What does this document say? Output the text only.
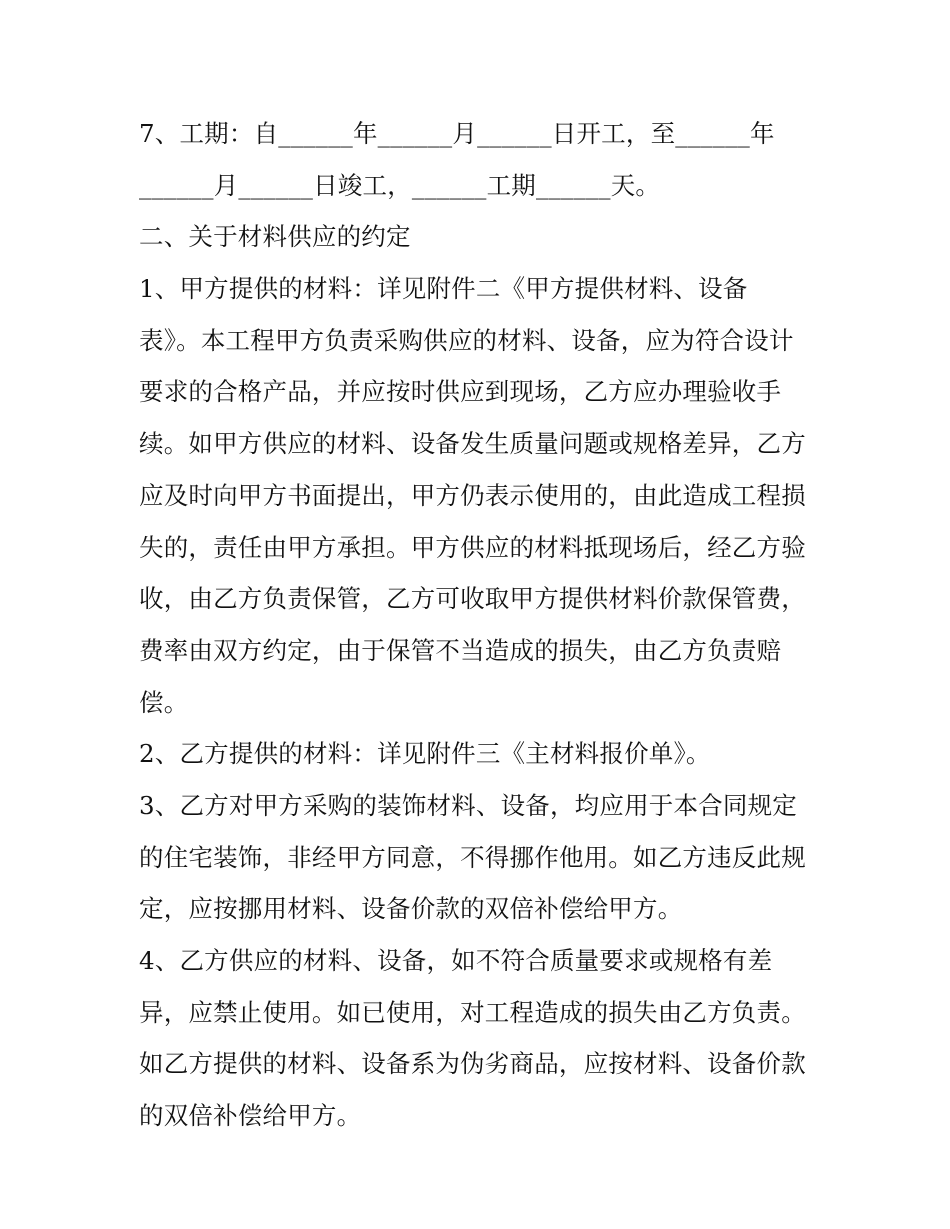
7、工期：自______年______月______日开工，至______年
______月______日竣工，______工期______天。
二、关于材料供应的约定
1、甲方提供的材料：详见附件二《甲方提供材料、设备
表》。本工程甲方负责采购供应的材料、设备，应为符合设计
要求的合格产品，并应按时供应到现场，乙方应办理验收手
续。如甲方供应的材料、设备发生质量问题或规格差异，乙方
应及时向甲方书面提出，甲方仍表示使用的，由此造成工程损
失的，责任由甲方承担。甲方供应的材料抵现场后，经乙方验
收，由乙方负责保管，乙方可收取甲方提供材料价款保管费，
费率由双方约定，由于保管不当造成的损失，由乙方负责赔
偿。
2、乙方提供的材料：详见附件三《主材料报价单》。
3、乙方对甲方采购的装饰材料、设备，均应用于本合同规定
的住宅装饰，非经甲方同意，不得挪作他用。如乙方违反此规
定，应按挪用材料、设备价款的双倍补偿给甲方。
4、乙方供应的材料、设备，如不符合质量要求或规格有差
异，应禁止使用。如已使用，对工程造成的损失由乙方负责。
如乙方提供的材料、设备系为伪劣商品，应按材料、设备价款
的双倍补偿给甲方。
